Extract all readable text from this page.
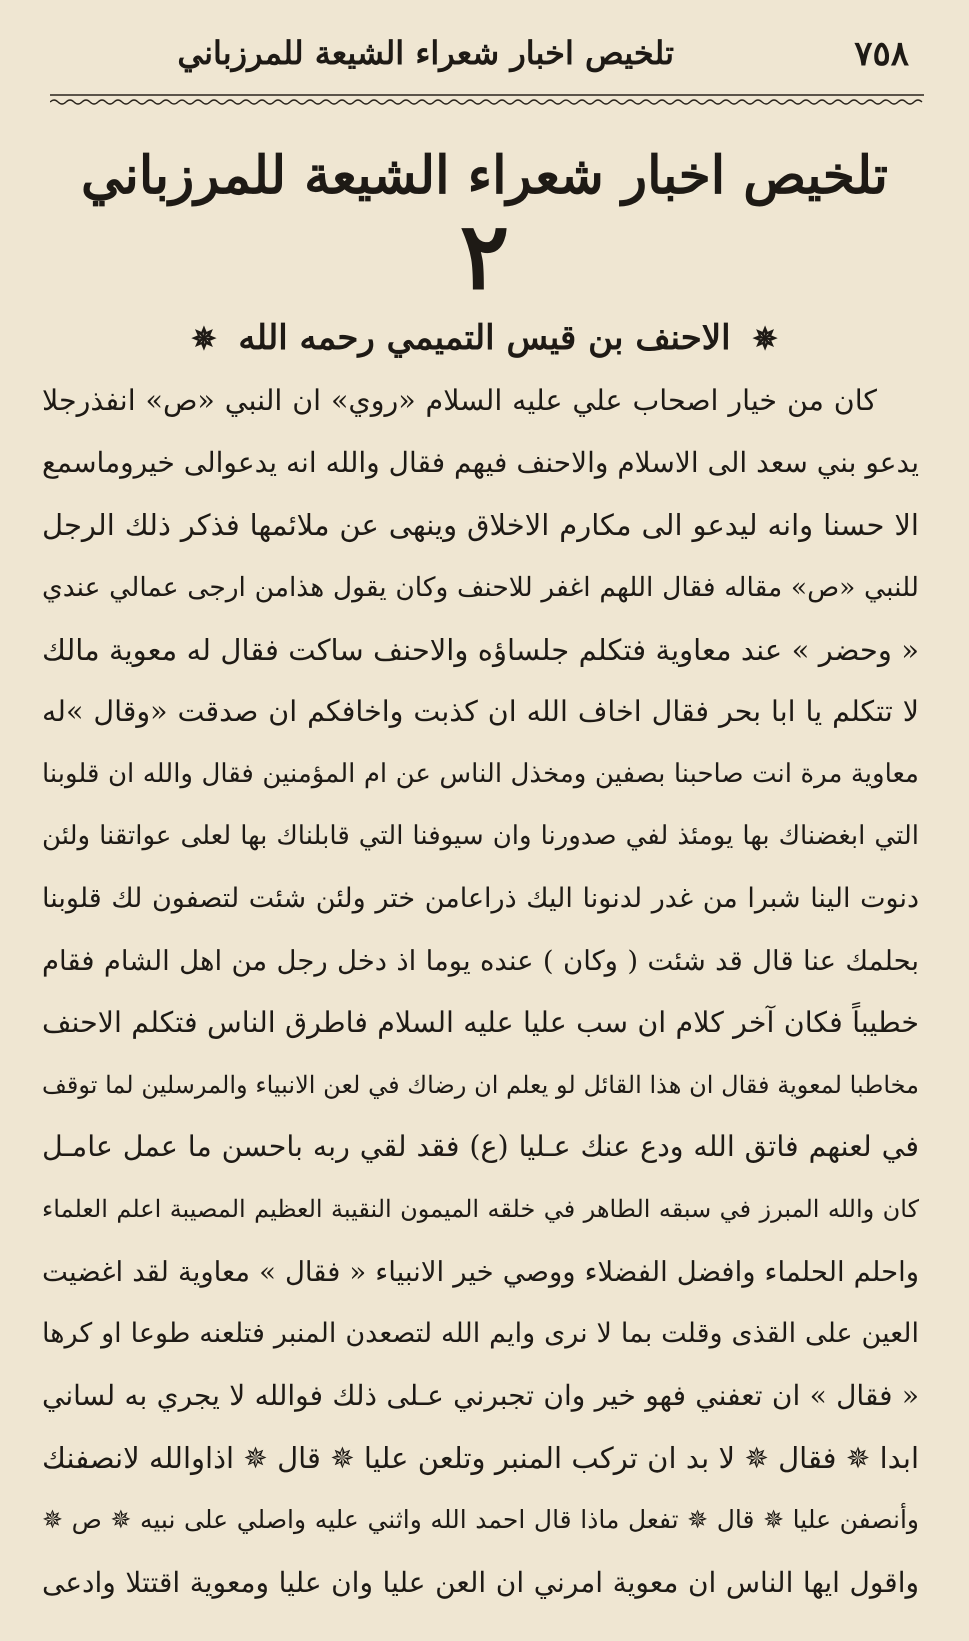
٧٥٨
تلخيص اخبار شعراء الشيعة للمرزباني
تلخيص اخبار شعراء الشيعة للمرزباني
٢
✵ الاحنف بن قيس التميمي رحمه الله ✵
كان من خيار اصحاب علي عليه السلام «روي» ان النبي «ص» انفذرجلا
يدعو بني سعد الى الاسلام والاحنف فيهم فقال والله انه يدعوالى خيروماسمع
الا حسنا وانه ليدعو الى مكارم الاخلاق وينهى عن ملائمها فذكر ذلك الرجل
للنبي «ص» مقاله فقال اللهم اغفر للاحنف وكان يقول هذامن ارجى عمالي عندي
« وحضر » عند معاوية فتكلم جلساؤه والاحنف ساكت فقال له معوية مالك
لا تتكلم يا ابا بحر فقال اخاف الله ان كذبت واخافكم ان صدقت «وقال »له
معاوية مرة انت صاحبنا بصفين ومخذل الناس عن ام المؤمنين فقال والله ان قلوبنا
التي ابغضناك بها يومئذ لفي صدورنا وان سيوفنا التي قابلناك بها لعلى عواتقنا ولئن
دنوت الينا شبرا من غدر لدنونا اليك ذراعامن ختر ولئن شئت لتصفون لك قلوبنا
بحلمك عنا قال قد شئت ( وكان ) عنده يوما اذ دخل رجل من اهل الشام فقام
خطيباً فكان آخر كلام ان سب عليا عليه السلام فاطرق الناس فتكلم الاحنف
مخاطبا لمعوية فقال ان هذا القائل لو يعلم ان رضاك في لعن الانبياء والمرسلين لما توقف
في لعنهم فاتق الله ودع عنك عـليا (ع) فقد لقي ربه باحسن ما عمل عامـل
كان والله المبرز في سبقه الطاهر في خلقه الميمون النقيبة العظيم المصيبة اعلم العلماء
واحلم الحلماء وافضل الفضلاء ووصي خير الانبياء « فقال » معاوية لقد اغضيت
العين على القذى وقلت بما لا نرى وايم الله لتصعدن المنبر فتلعنه طوعا او كرها
« فقال » ان تعفني فهو خير وان تجبرني عـلى ذلك فوالله لا يجري به لساني
ابدا ✵ فقال ✵ لا بد ان تركب المنبر وتلعن عليا ✵ قال ✵ اذاوالله لانصفنك
وأنصفن عليا ✵ قال ✵ تفعل ماذا قال احمد الله واثني عليه واصلي على نبيه ✵ ص ✵
واقول ايها الناس ان معوية امرني ان العن عليا وان عليا ومعوية اقتتلا وادعى
